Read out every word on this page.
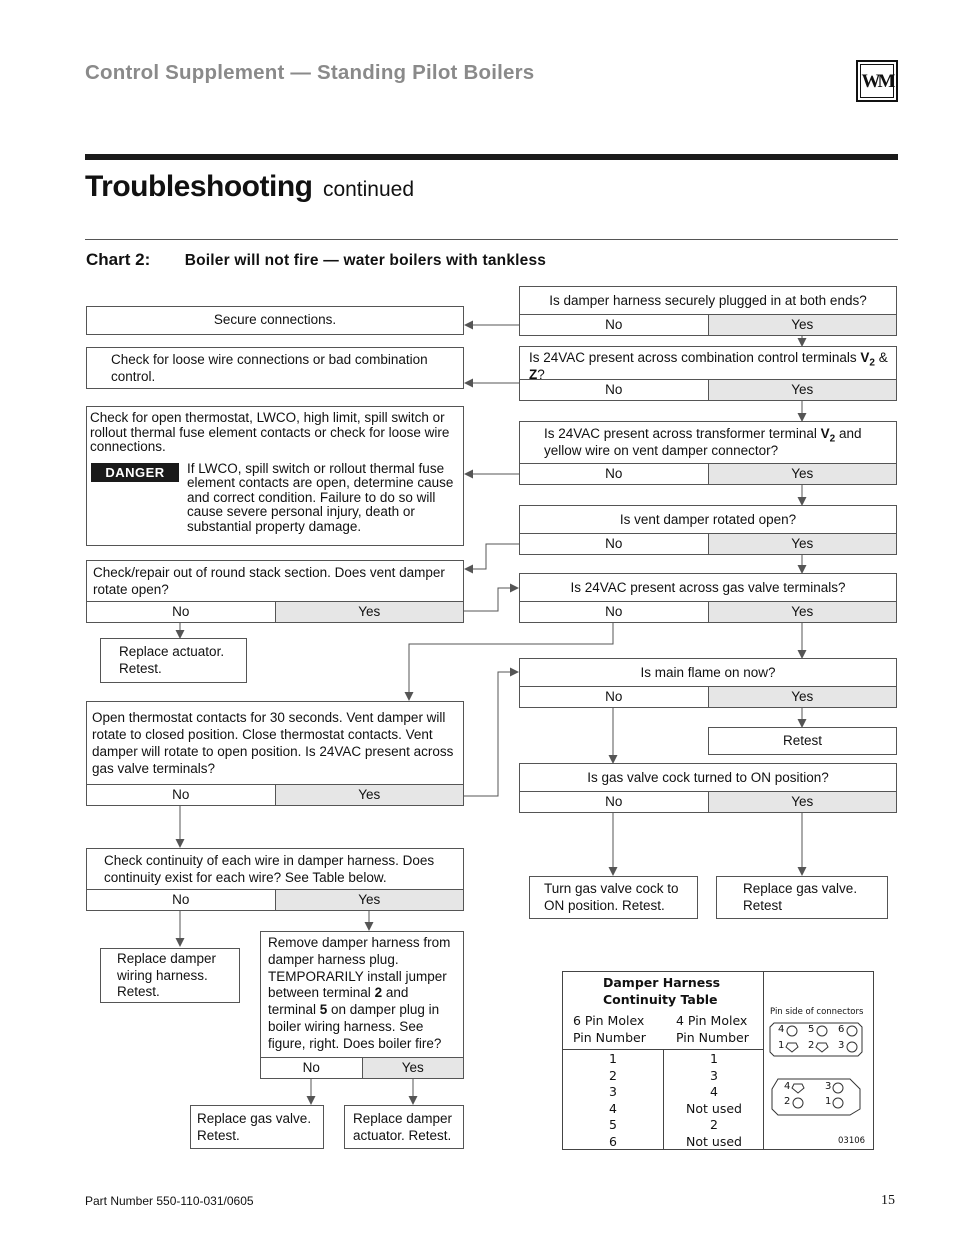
Control Supplement — Standing Pilot Boilers	WM
Troubleshooting continued
Chart 2: Boiler will not fire — water boilers with tankless
Is damper harness securely plugged in at both ends?
No	Yes
Is 24VAC present across combination control terminals $V_2$ & Z?
No	Yes
Is 24VAC present across transformer terminal $V_2$ and yellow wire on vent damper connector?
No	Yes
Is vent damper rotated open?
No	Yes
Is 24VAC present across gas valve terminals?
No	Yes
Is main flame on now?
No	Yes
Retest
Is gas valve cock turned to ON position?
No	Yes
Turn gas valve cock to ON position. Retest.
Replace gas valve. Retest
Secure connections.
Check for loose wire connections or bad combination control.
Check for open thermostat, LWCO, high limit, spill switch or rollout thermal fuse element contacts or check for loose wire connections.
DANGER	If LWCO, spill switch or rollout thermal fuse element contacts are open, determine cause and correct condition. Failure to do so will cause severe personal injury, death or substantial property damage.
Check/repair out of round stack section. Does vent damper rotate open?
No	Yes
Replace actuator. Retest.
Open thermostat contacts for 30 seconds. Vent damper will rotate to closed position. Close thermostat contacts. Vent damper will rotate to open position. Is 24VAC present across gas valve terminals?
No	Yes
Check continuity of each wire in damper harness. Does continuity exist for each wire? See Table below.
No	Yes
Replace damper wiring harness. Retest.
Remove damper harness from damper harness plug. TEMPORARILY install jumper between terminal 2 and terminal 5 on damper plug in boiler wiring harness. See figure, right. Does boiler fire?
No	Yes
Replace gas valve. Retest.
Replace damper actuator. Retest.
Damper Harness Continuity Table
6 Pin Molex Pin Number
4 Pin Molex Pin Number
1	1
2	3
3	4
4	Not used
5	2
6	Not used
Pin side of connectors
4 5 6
1 2 3
4	3
2	1
03106
Part Number 550-110-031/0605	15
